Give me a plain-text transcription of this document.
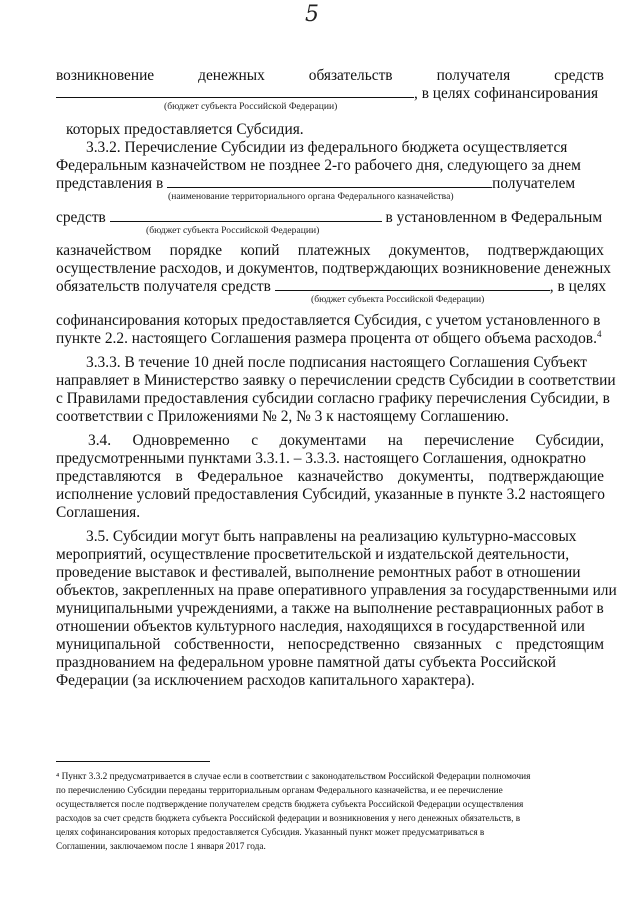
5
возникновение	денежных	обязательств	получателя	средств
, в целях софинансирования
(бюджет субъекта Российской Федерации)
которых предоставляется Субсидия.
3.3.2. Перечисление Субсидии из федерального бюджета осуществляется
Федеральным казначейством не позднее 2-го рабочего дня, следующего за днем
представления в	получателем
(наименование территориального органа Федерального казначейства)
средств	в установленном в Федеральным
(бюджет субъекта Российской Федерации)
казначейством порядке копий платежных документов, подтверждающих
осуществление расходов, и документов, подтверждающих возникновение денежных
обязательств получателя средств	, в целях
(бюджет субъекта Российской Федерации)
софинансирования которых предоставляется Субсидия, с учетом установленного в
пункте 2.2. настоящего Соглашения размера процента от общего объема расходов.$^4$
3.3.3. В течение 10 дней после подписания настоящего Соглашения Субъект
направляет в Министерство заявку о перечислении средств Субсидии в соответствии
с Правилами предоставления субсидии согласно графику перечисления Субсидии, в
соответствии с Приложениями № 2, № 3 к настоящему Соглашению.
3.4. Одновременно с документами на перечисление Субсидии,
предусмотренными пунктами 3.3.1. – 3.3.3. настоящего Соглашения, однократно
представляются в Федеральное казначейство документы, подтверждающие
исполнение условий предоставления Субсидий, указанные в пункте 3.2 настоящего
Соглашения.
3.5. Субсидии могут быть направлены на реализацию культурно-массовых
мероприятий, осуществление просветительской и издательской деятельности,
проведение выставок и фестивалей, выполнение ремонтных работ в отношении
объектов, закрепленных на праве оперативного управления за государственными или
муниципальными учреждениями, а также на выполнение реставрационных работ в
отношении объектов культурного наследия, находящихся в государственной или
муниципальной собственности, непосредственно связанных с предстоящим
празднованием на федеральном уровне памятной даты субъекта Российской
Федерации (за исключением расходов капитального характера).
⁴ Пункт 3.3.2 предусматривается в случае если в соответствии с законодательством Российской Федерации полномочия
по перечислению Субсидии переданы территориальным органам Федерального казначейства, и ее перечисление
осуществляется после подтверждение получателем средств бюджета субъекта Российской Федерации осуществления
расходов за счет средств бюджета субъекта Российской федерации и возникновения у него денежных обязательств, в
целях софинансирования которых предоставляется Субсидия. Указанный пункт может предусматриваться в
Соглашении, заключаемом после 1 января 2017 года.
